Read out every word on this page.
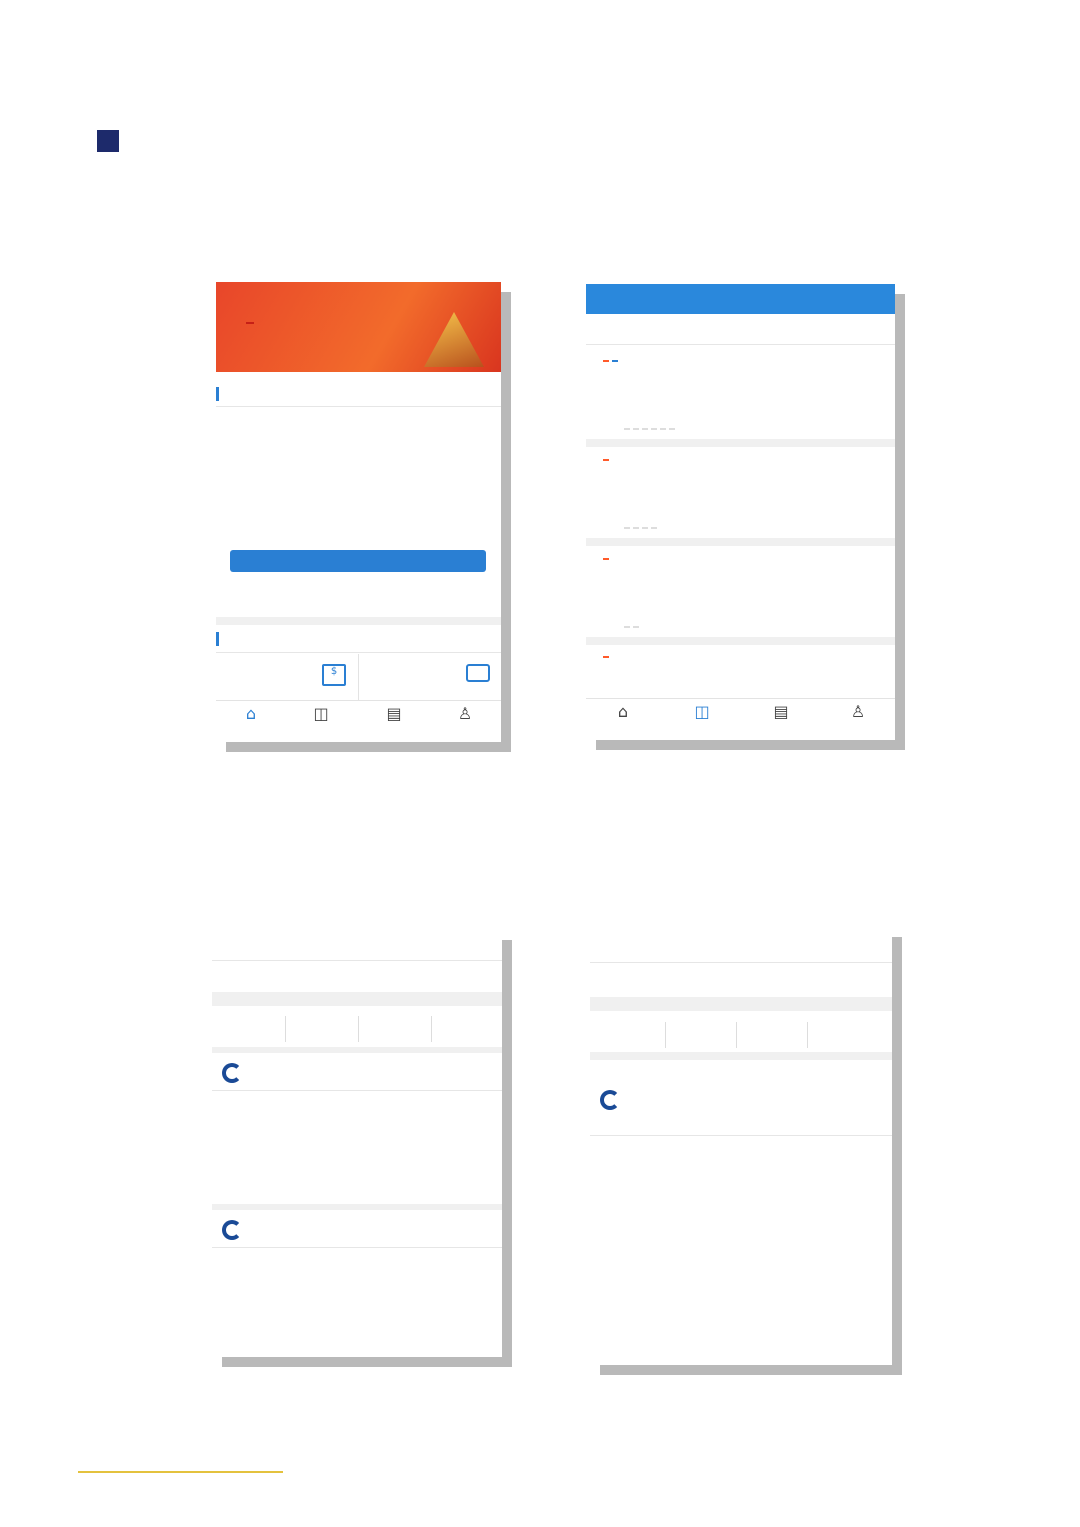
$
⌂	◫	▤	♙	⌂	◫	▤	♙
